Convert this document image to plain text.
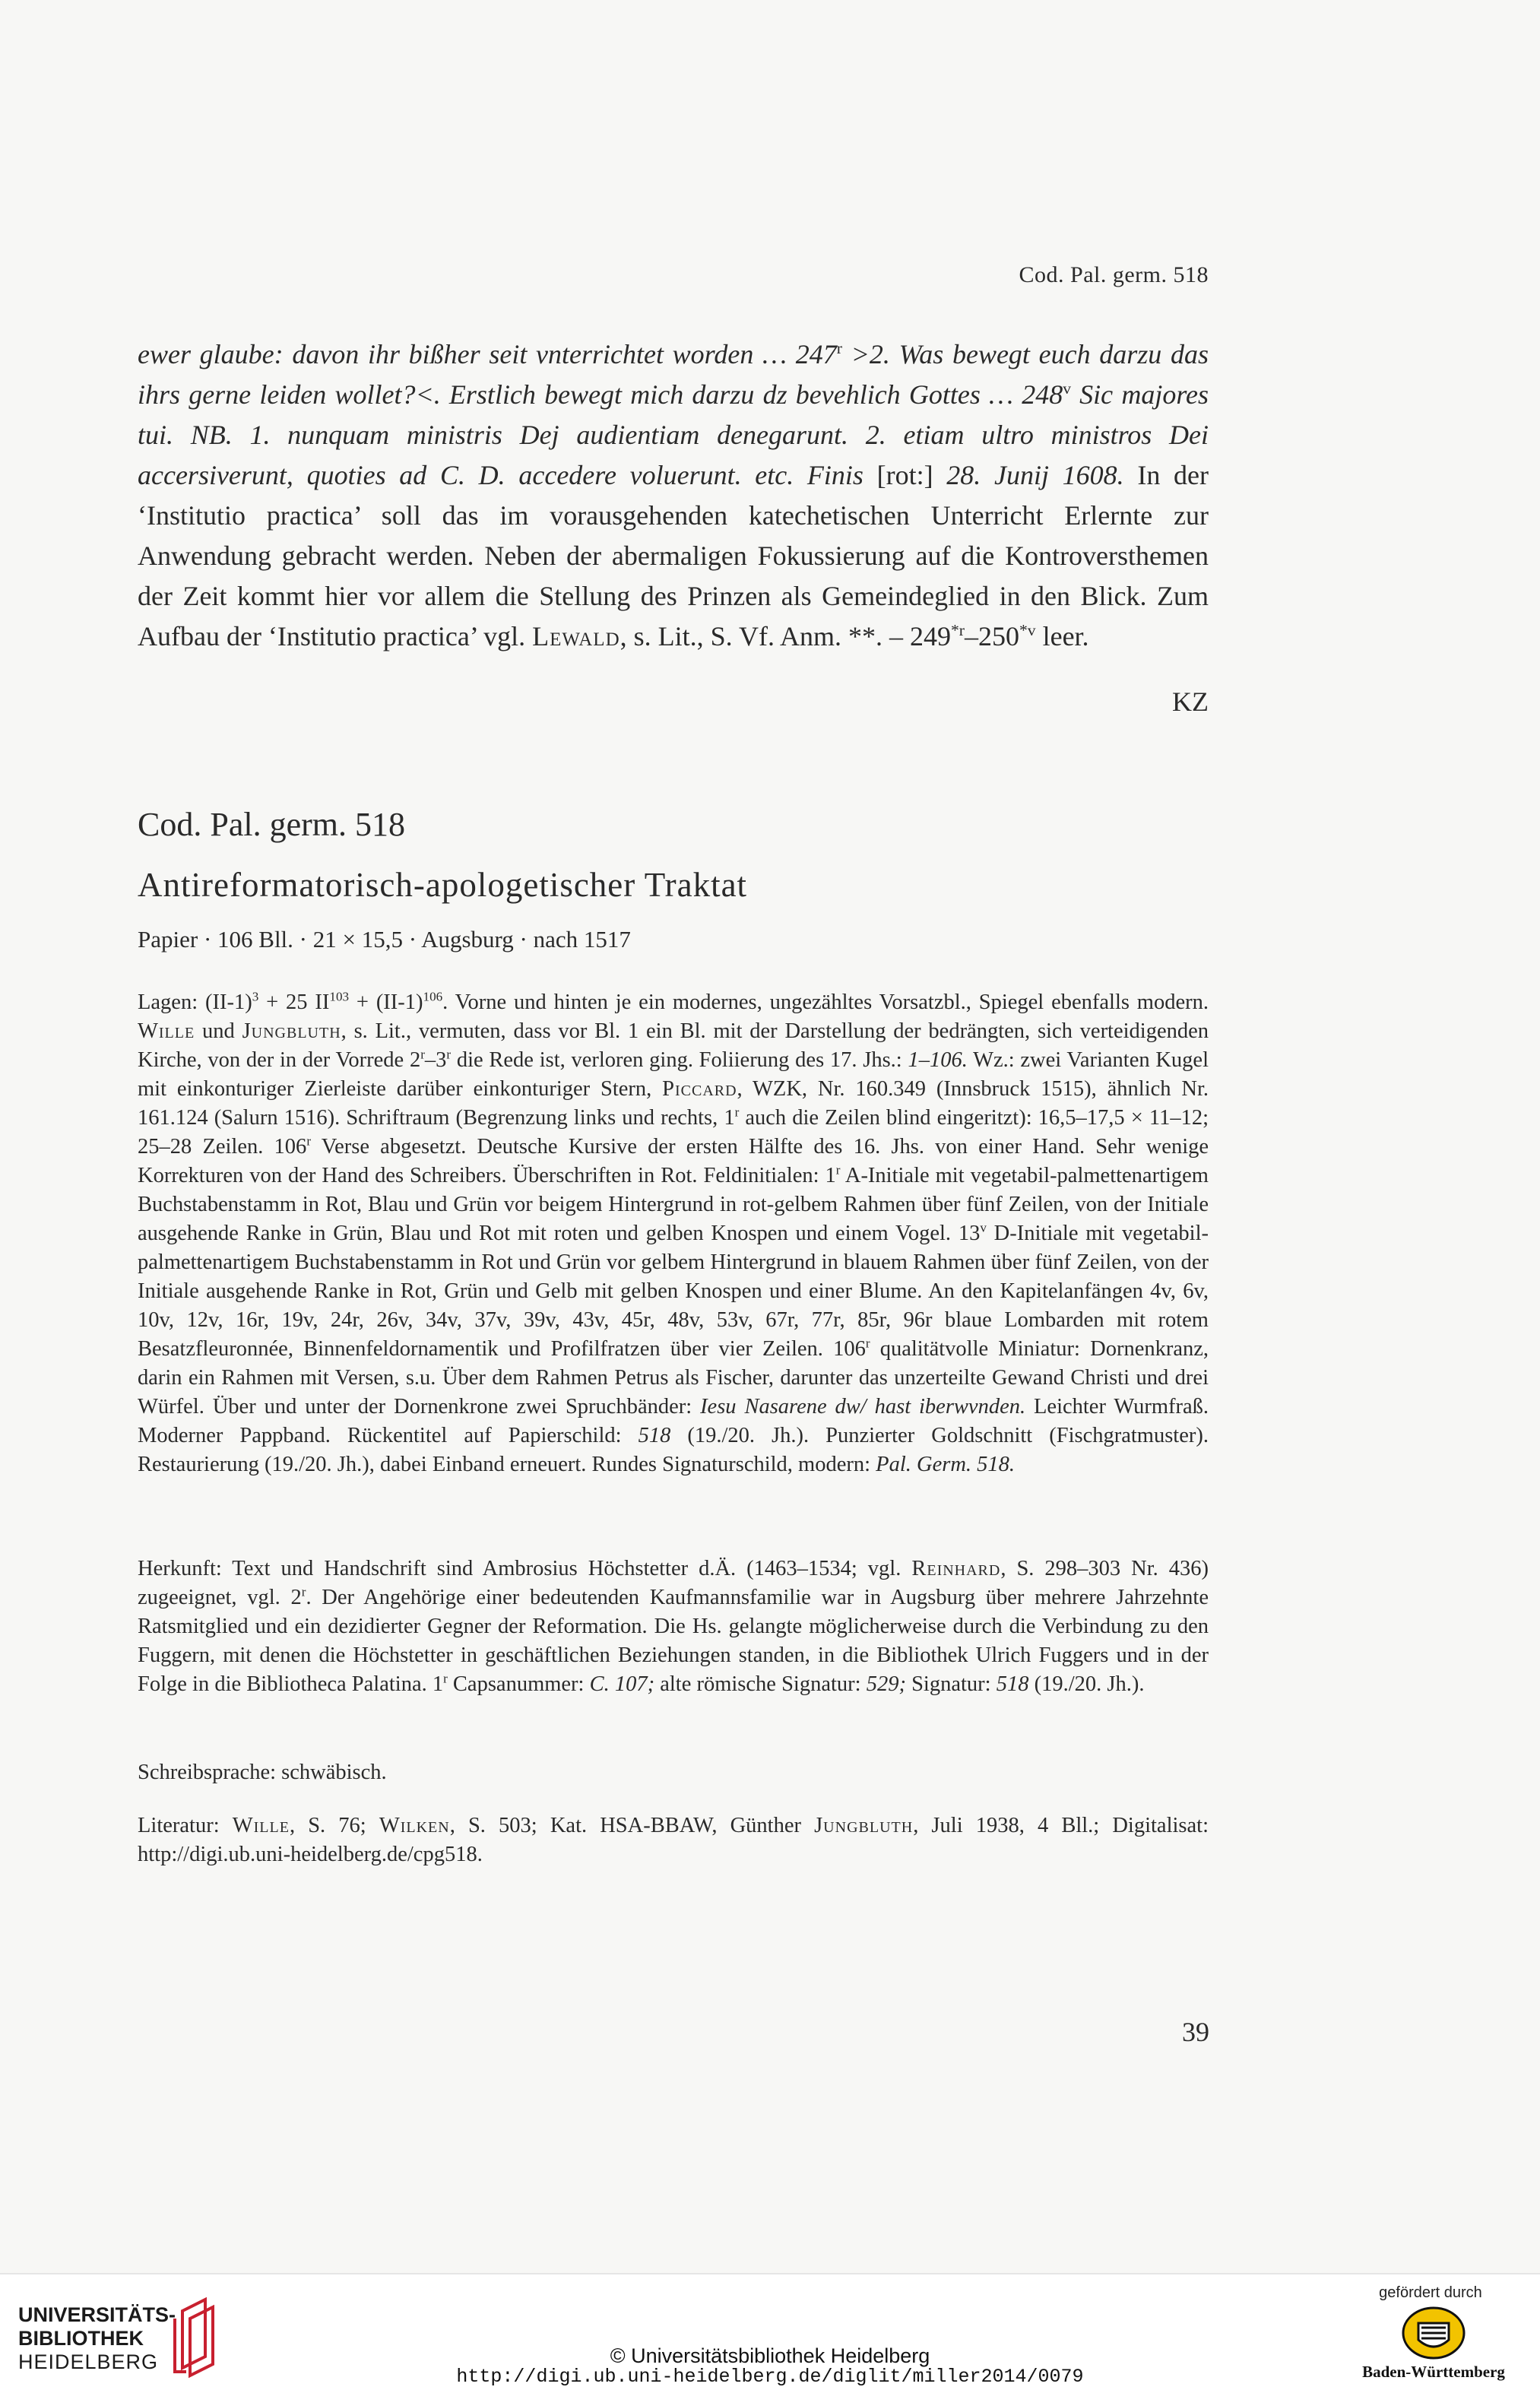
Cod. Pal. germ. 518
ewer glaube: davon ihr bißher seit vnterrichtet worden … $247^r >2$. Was bewegt euch darzu das ihrs gerne leiden wollet?<. Erstlich bewegt mich darzu dz bevehlich Gottes … 248$^v$ Sic majores tui. NB. 1. nunquam ministris Dej audientiam denegarunt. 2. etiam ultro ministros Dei accersiverunt, quoties ad C. D. accedere voluerunt. etc. Finis [rot:] 28. Junij 1608. In der ‘Institutio practica’ soll das im vorausgehenden katechetischen Unterricht Erlernte zur Anwendung gebracht werden. Neben der abermaligen Fokussierung auf die Kontroversthemen der Zeit kommt hier vor allem die Stellung des Prinzen als Gemeindeglied in den Blick. Zum Aufbau der ‘Institutio practica’ vgl. Lewald, s. Lit., S. Vf. Anm. **. – 249$^{*r}$–250$^{*v}$ leer.
KZ
Cod. Pal. germ. 518
Antireformatorisch-apologetischer Traktat
Papier · 106 Bll. · 21 × 15,5 · Augsburg · nach 1517
Lagen: $(II-1)^3 + 25$ $II^{103} + (II-1)^{106}$. Vorne und hinten je ein modernes, ungezähltes Vorsatzbl., Spiegel ebenfalls modern. Wille und Jungbluth, s. Lit., vermuten, dass vor Bl. 1 ein Bl. mit der Darstellung der bedrängten, sich verteidigenden Kirche, von der in der Vorrede 2$^r$–3$^r$ die Rede ist, verloren ging. Foliierung des 17. Jhs.: 1–106. Wz.: zwei Varianten Kugel mit einkonturiger Zierleiste darüber einkonturiger Stern, Piccard, WZK, Nr. 160.349 (Innsbruck 1515), ähnlich Nr. 161.124 (Salurn 1516). Schriftraum (Begrenzung links und rechts, 1$^r$ auch die Zeilen blind eingeritzt): 16,5–17,5 × 11–12; 25–28 Zeilen. 106$^r$ Verse abgesetzt. Deutsche Kursive der ersten Hälfte des 16. Jhs. von einer Hand. Sehr wenige Korrekturen von der Hand des Schreibers. Überschriften in Rot. Feldinitialen: 1$^r$ A-Initiale mit vegetabil-palmettenartigem Buchstabenstamm in Rot, Blau und Grün vor beigem Hintergrund in rot-gelbem Rahmen über fünf Zeilen, von der Initiale ausgehende Ranke in Grün, Blau und Rot mit roten und gelben Knospen und einem Vogel. 13$^v$ D-Initiale mit vegetabil-palmettenartigem Buchstabenstamm in Rot und Grün vor gelbem Hintergrund in blauem Rahmen über fünf Zeilen, von der Initiale ausgehende Ranke in Rot, Grün und Gelb mit gelben Knospen und einer Blume. An den Kapitelanfängen 4v, 6v, 10v, 12v, 16r, 19v, 24r, 26v, 34v, 37v, 39v, 43v, 45r, 48v, 53v, 67r, 77r, 85r, 96r blaue Lombarden mit rotem Besatzfleuronnée, Binnenfeldornamentik und Profilfratzen über vier Zeilen. 106$^r$ qualitätvolle Miniatur: Dornenkranz, darin ein Rahmen mit Versen, s.u. Über dem Rahmen Petrus als Fischer, darunter das unzerteilte Gewand Christi und drei Würfel. Über und unter der Dornenkrone zwei Spruchbänder: Iesu Nasarene dw/ hast iberwvnden. Leichter Wurmfraß. Moderner Pappband. Rückentitel auf Papierschild: 518 (19./20. Jh.). Punzierter Goldschnitt (Fischgratmuster). Restaurierung (19./20. Jh.), dabei Einband erneuert. Rundes Signaturschild, modern: Pal. Germ. 518.
Herkunft: Text und Handschrift sind Ambrosius Höchstetter d.Ä. (1463–1534; vgl. Reinhard, S. 298–303 Nr. 436) zugeeignet, vgl. 2$^r$. Der Angehörige einer bedeutenden Kaufmannsfamilie war in Augsburg über mehrere Jahrzehnte Ratsmitglied und ein dezidierter Gegner der Reformation. Die Hs. gelangte möglicherweise durch die Verbindung zu den Fuggern, mit denen die Höchstetter in geschäftlichen Beziehungen standen, in die Bibliothek Ulrich Fuggers und in der Folge in die Bibliotheca Palatina. 1$^r$ Capsanummer: C. 107; alte römische Signatur: 529; Signatur: 518 (19./20. Jh.).
Schreibsprache: schwäbisch.
Literatur: Wille, S. 76; Wilken, S. 503; Kat. HSA-BBAW, Günther Jungbluth, Juli 1938, 4 Bll.; Digitalisat: http://digi.ub.uni-heidelberg.de/cpg518.
39
UNIVERSITÄTS-
BIBLIOTHEK
HEIDELBERG	© Universitätsbibliothek Heidelberg
http://digi.ub.uni-heidelberg.de/diglit/miller2014/0079
gefördert durch
Baden-Württemberg
